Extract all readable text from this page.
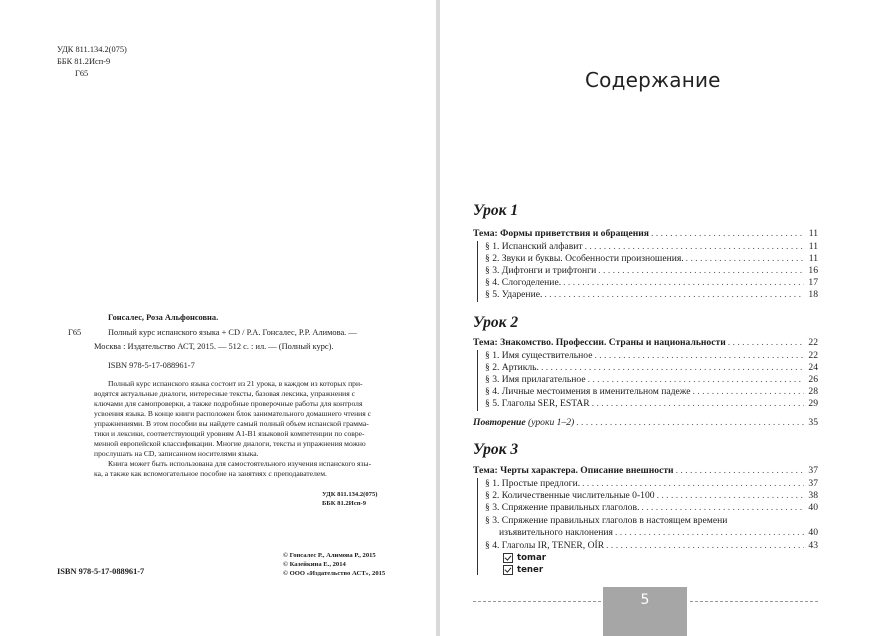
УДК 811.134.2(075)
ББК 81.2Исп-9
Г65
Гонсалес, Роза Альфонсовна.
Г65	Полный курс испанского языка + CD / Р.А. Гонсалес, Р.Р. Алимова. —
Москва : Издательство АСТ, 2015. — 512 с. : ил. — (Полный курс).
ISBN 978-5-17-088961-7
Полный курс испанского языка состоит из 21 урока, в каждом из которых при-
водятся актуальные диалоги, интересные тексты, базовая лексика, упражнения с
ключами для самопроверки, а также подробные проверочные работы для контроля
усвоения языка. В конце книги расположен блок занимательного домашнего чтения с
упражнениями. В этом пособии вы найдете самый полный объем испанской грамма-
тики и лексики, соответствующий уровням А1-В1 языковой компетенции по совре-
менной европейской классификации. Многие диалоги, тексты и упражнения можно
прослушать на CD, записанном носителями языка.
Книга может быть использована для самостоятельного изучения испанского язы-
ка, а также как вспомогательное пособие на занятиях с преподавателем.
УДК 811.134.2(075)
ББК 81.2Исп-9
© Гонсалес Р., Алимова Р., 2015
© Казейкина Е., 2014
© ООО «Издательство АСТ», 2015
ISBN 978-5-17-088961-7
Содержание
Урок 1
Тема: Формы приветствия и обращения . . .	11
§ 1. Испанский алфавит . . .	11
§ 2. Звуки и буквы. Особенности произношения. . . .	11
§ 3. Дифтонги и трифтонги . . .	16
§ 4. Слогоделение. . . .	17
§ 5. Ударение. . . .	18
Урок 2
Тема: Знакомство. Профессии. Страны и национальности . . .	22
§ 1. Имя существительное . . .	22
§ 2. Артикль. . . .	24
§ 3. Имя прилагательное . . .	26
§ 4. Личные местоимения в именительном падеже . . .	28
§ 5. Глаголы SER, ESTAR . . .	29
Повторение (уроки 1–2) . . .	35
Урок 3
Тема: Черты характера. Описание внешности . . .	37
§ 1. Простые предлоги. . . .	37
§ 2. Количественные числительные 0-100 . . .	38
§ 3. Спряжение правильных глаголов. . . .	40
§ 3. Спряжение правильных глаголов в настоящем времени
изъявительного наклонения . . .	40
§ 4. Глаголы IR, TENER, OÍR . . .	43
tomar
tener
5
